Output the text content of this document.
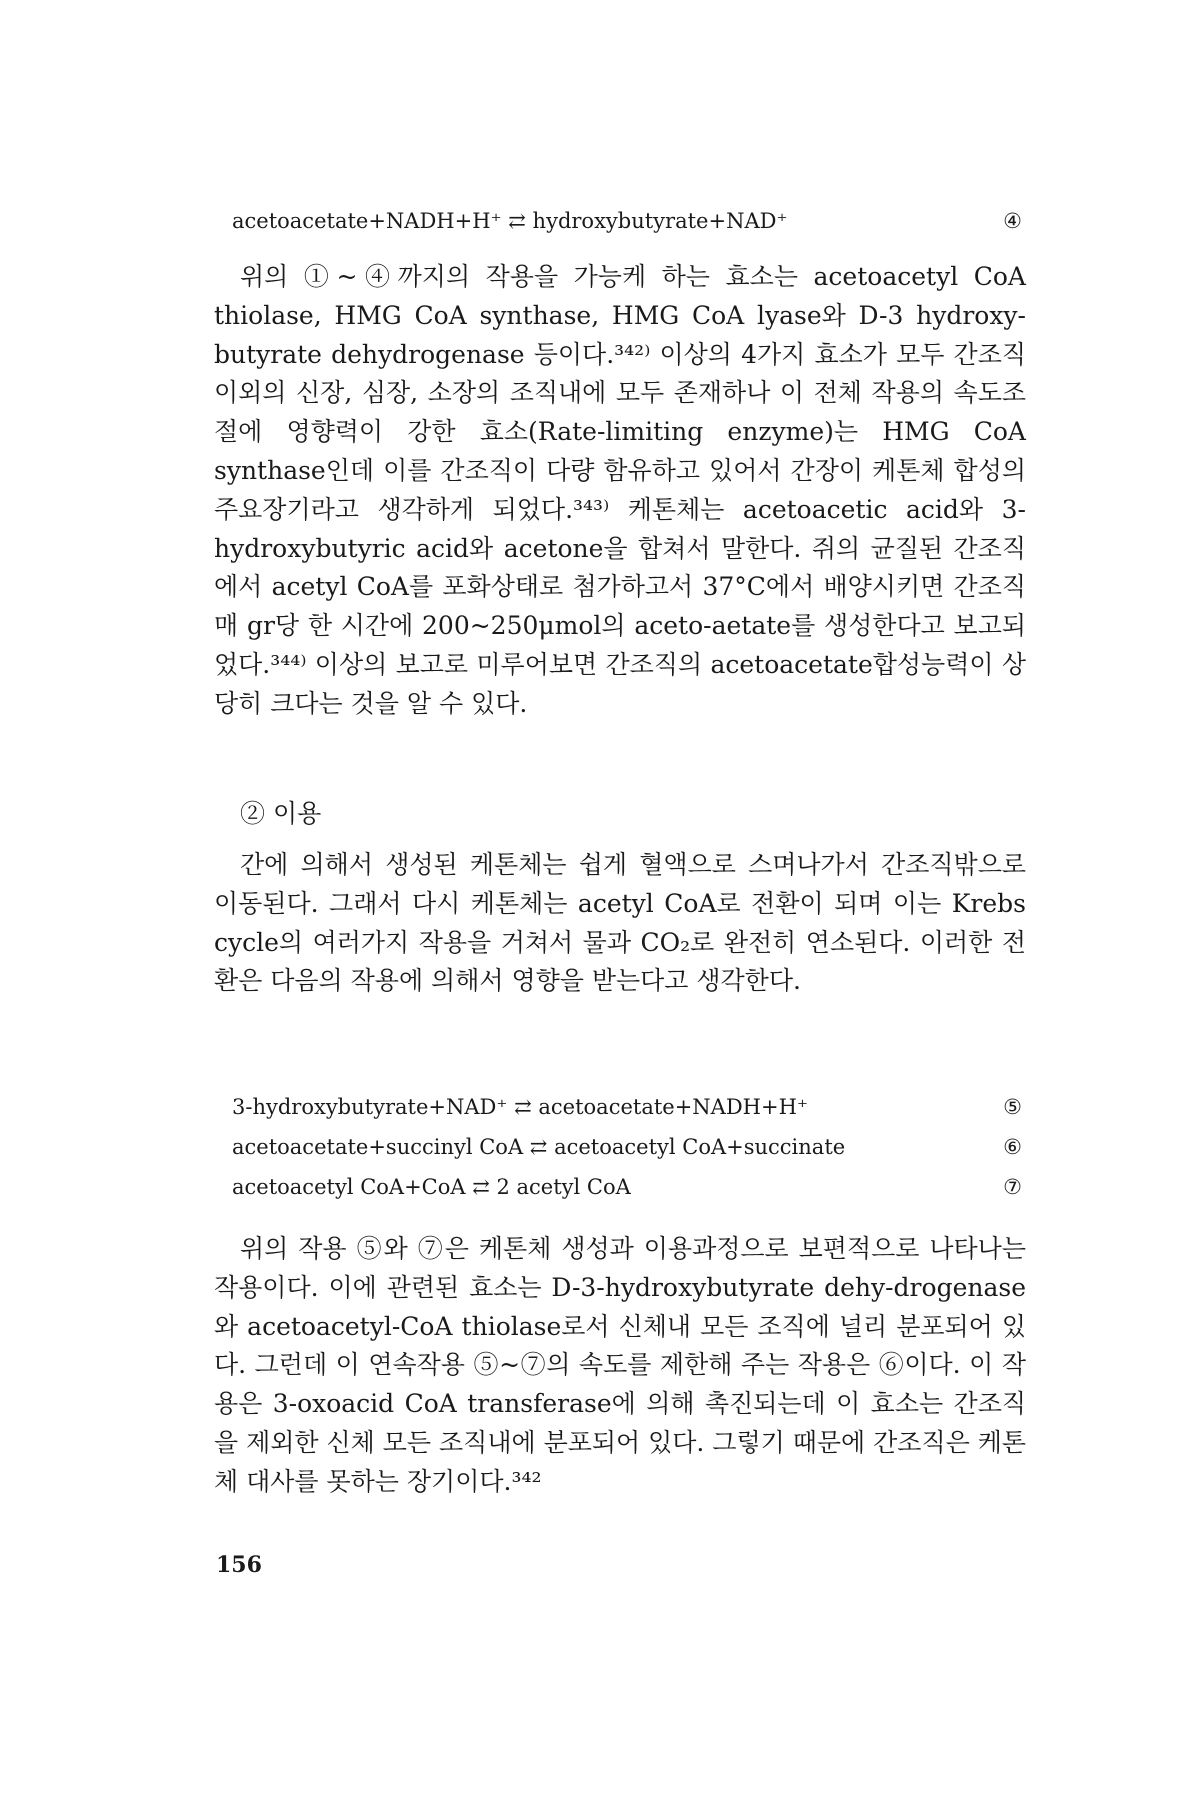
acetoacetate+NADH+H⁺ ⇄ hydroxybutyrate+NAD⁺	④

위의 ①~④까지의 작용을 가능케 하는 효소는 acetoacetyl CoA thiolase, HMG CoA synthase, HMG CoA lyase와 D-3 hydroxy-butyrate dehydrogenase 등이다.³⁴²⁾ 이상의 4가지 효소가 모두 간조직 이외의 신장, 심장, 소장의 조직내에 모두 존재하나 이 전체 작용의 속도조절에 영향력이 강한 효소(Rate-limiting enzyme)는 HMG CoA synthase인데 이를 간조직이 다량 함유하고 있어서 간장이 케톤체 합성의 주요장기라고 생각하게 되었다.³⁴³⁾ 케톤체는 acetoacetic acid와 3-hydroxybutyric acid와 acetone을 합쳐서 말한다. 쥐의 균질된 간조직에서 acetyl CoA를 포화상태로 첨가하고서 37°C에서 배양시키면 간조직 매 gr당 한 시간에 200~250μmol의 aceto-aetate를 생성한다고 보고되었다.³⁴⁴⁾ 이상의 보고로 미루어보면 간조직의 acetoacetate합성능력이 상당히 크다는 것을 알 수 있다.

② 이용

간에 의해서 생성된 케톤체는 쉽게 혈액으로 스며나가서 간조직밖으로 이동된다. 그래서 다시 케톤체는 acetyl CoA로 전환이 되며 이는 Krebs cycle의 여러가지 작용을 거쳐서 물과 CO₂로 완전히 연소된다. 이러한 전환은 다음의 작용에 의해서 영향을 받는다고 생각한다.

3-hydroxybutyrate+NAD⁺ ⇄ acetoacetate+NADH+H⁺	⑤
acetoacetate+succinyl CoA ⇄ acetoacetyl CoA+succinate	⑥
acetoacetyl CoA+CoA ⇄ 2 acetyl CoA	⑦

위의 작용 ⑤와 ⑦은 케톤체 생성과 이용과정으로 보편적으로 나타나는 작용이다. 이에 관련된 효소는 D-3-hydroxybutyrate dehy-drogenase와 acetoacetyl-CoA thiolase로서 신체내 모든 조직에 널리 분포되어 있다. 그런데 이 연속작용 ⑤~⑦의 속도를 제한해 주는 작용은 ⑥이다. 이 작용은 3-oxoacid CoA transferase에 의해 촉진되는데 이 효소는 간조직을 제외한 신체 모든 조직내에 분포되어 있다. 그렇기 때문에 간조직은 케톤체 대사를 못하는 장기이다.³⁴²

156
